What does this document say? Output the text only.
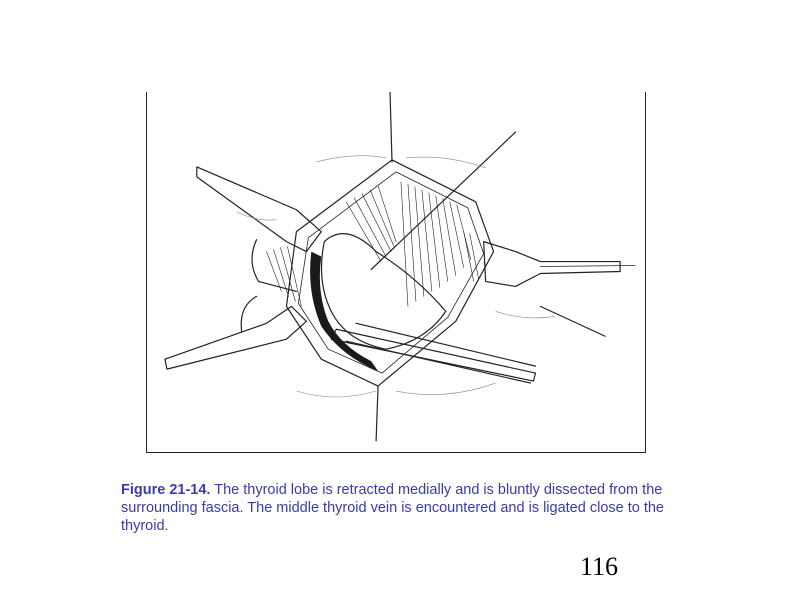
Figure 21-14. The thyroid lobe is retracted medially and is bluntly dissected from the surrounding fascia. The middle thyroid vein is encountered and is ligated close to the thyroid.

116
